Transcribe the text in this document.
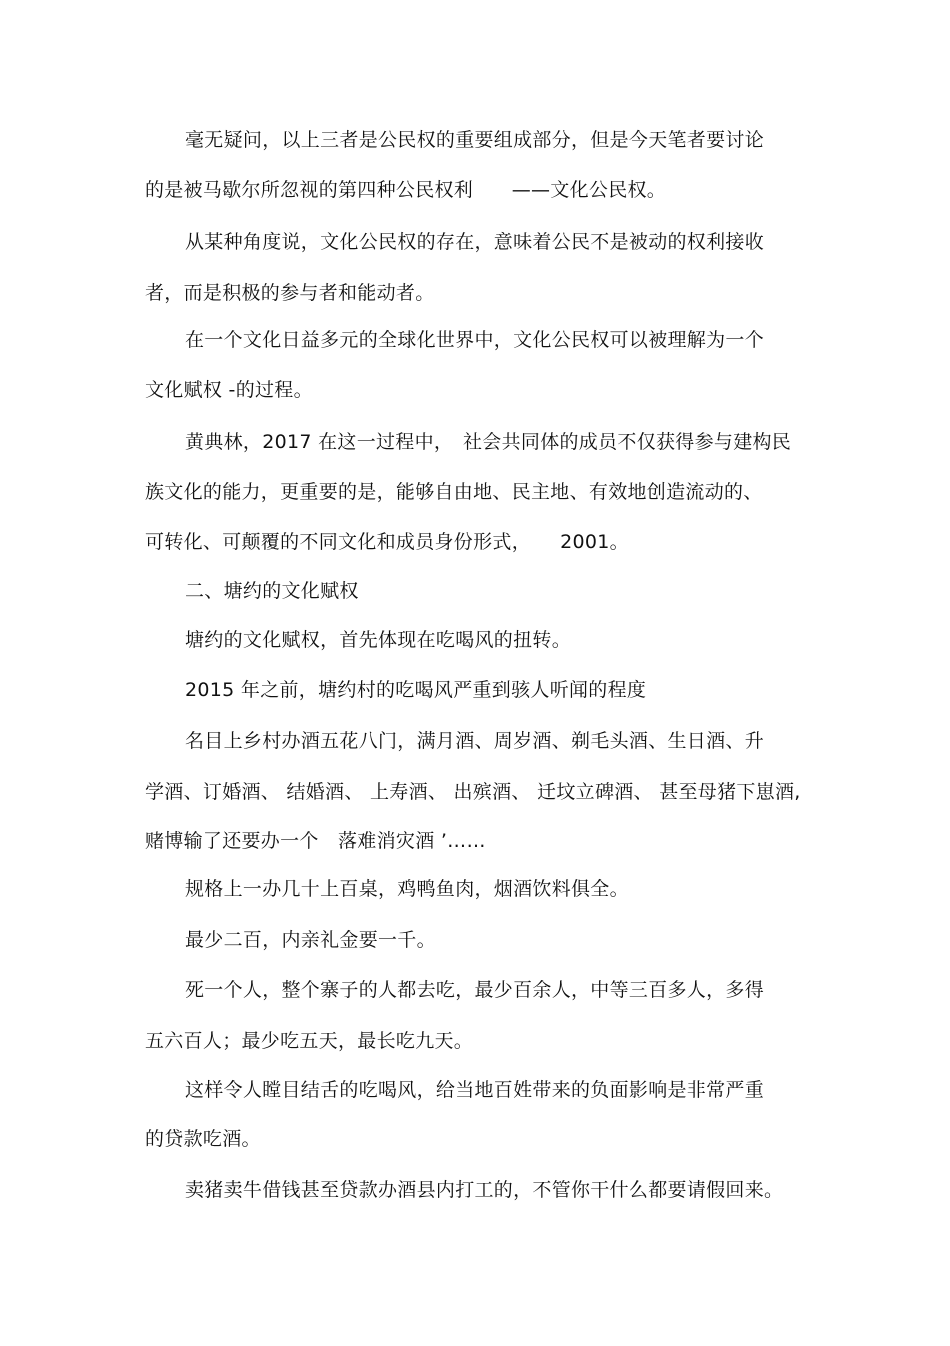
毫无疑问，以上三者是公民权的重要组成部分，但是今天笔者要讨论
的是被马歇尔所忽视的第四种公民权利　　——文化公民权。
从某种角度说，文化公民权的存在，意味着公民不是被动的权利接收
者，而是积极的参与者和能动者。
在一个文化日益多元的全球化世界中，文化公民权可以被理解为一个
文化赋权 -的过程。
黄典林，2017 在这一过程中，　社会共同体的成员不仅获得参与建构民
族文化的能力，更重要的是，能够自由地、民主地、有效地创造流动的、
可转化、可颠覆的不同文化和成员身份形式，　　2001。
二、塘约的文化赋权
塘约的文化赋权，首先体现在吃喝风的扭转。
2015 年之前，塘约村的吃喝风严重到骇人听闻的程度
名目上乡村办酒五花八门，满月酒、周岁酒、剃毛头酒、生日酒、升
学酒、订婚酒、 结婚酒、 上寿酒、 出殡酒、 迁坟立碑酒、 甚至母猪下崽酒,
赌博输了还要办一个　落难消灾酒 ’……
规格上一办几十上百桌，鸡鸭鱼肉，烟酒饮料俱全。
最少二百，内亲礼金要一千。
死一个人，整个寨子的人都去吃，最少百余人，中等三百多人，多得
五六百人；最少吃五天，最长吃九天。
这样令人瞠目结舌的吃喝风，给当地百姓带来的负面影响是非常严重
的贷款吃酒。
卖猪卖牛借钱甚至贷款办酒县内打工的，不管你干什么都要请假回来。
